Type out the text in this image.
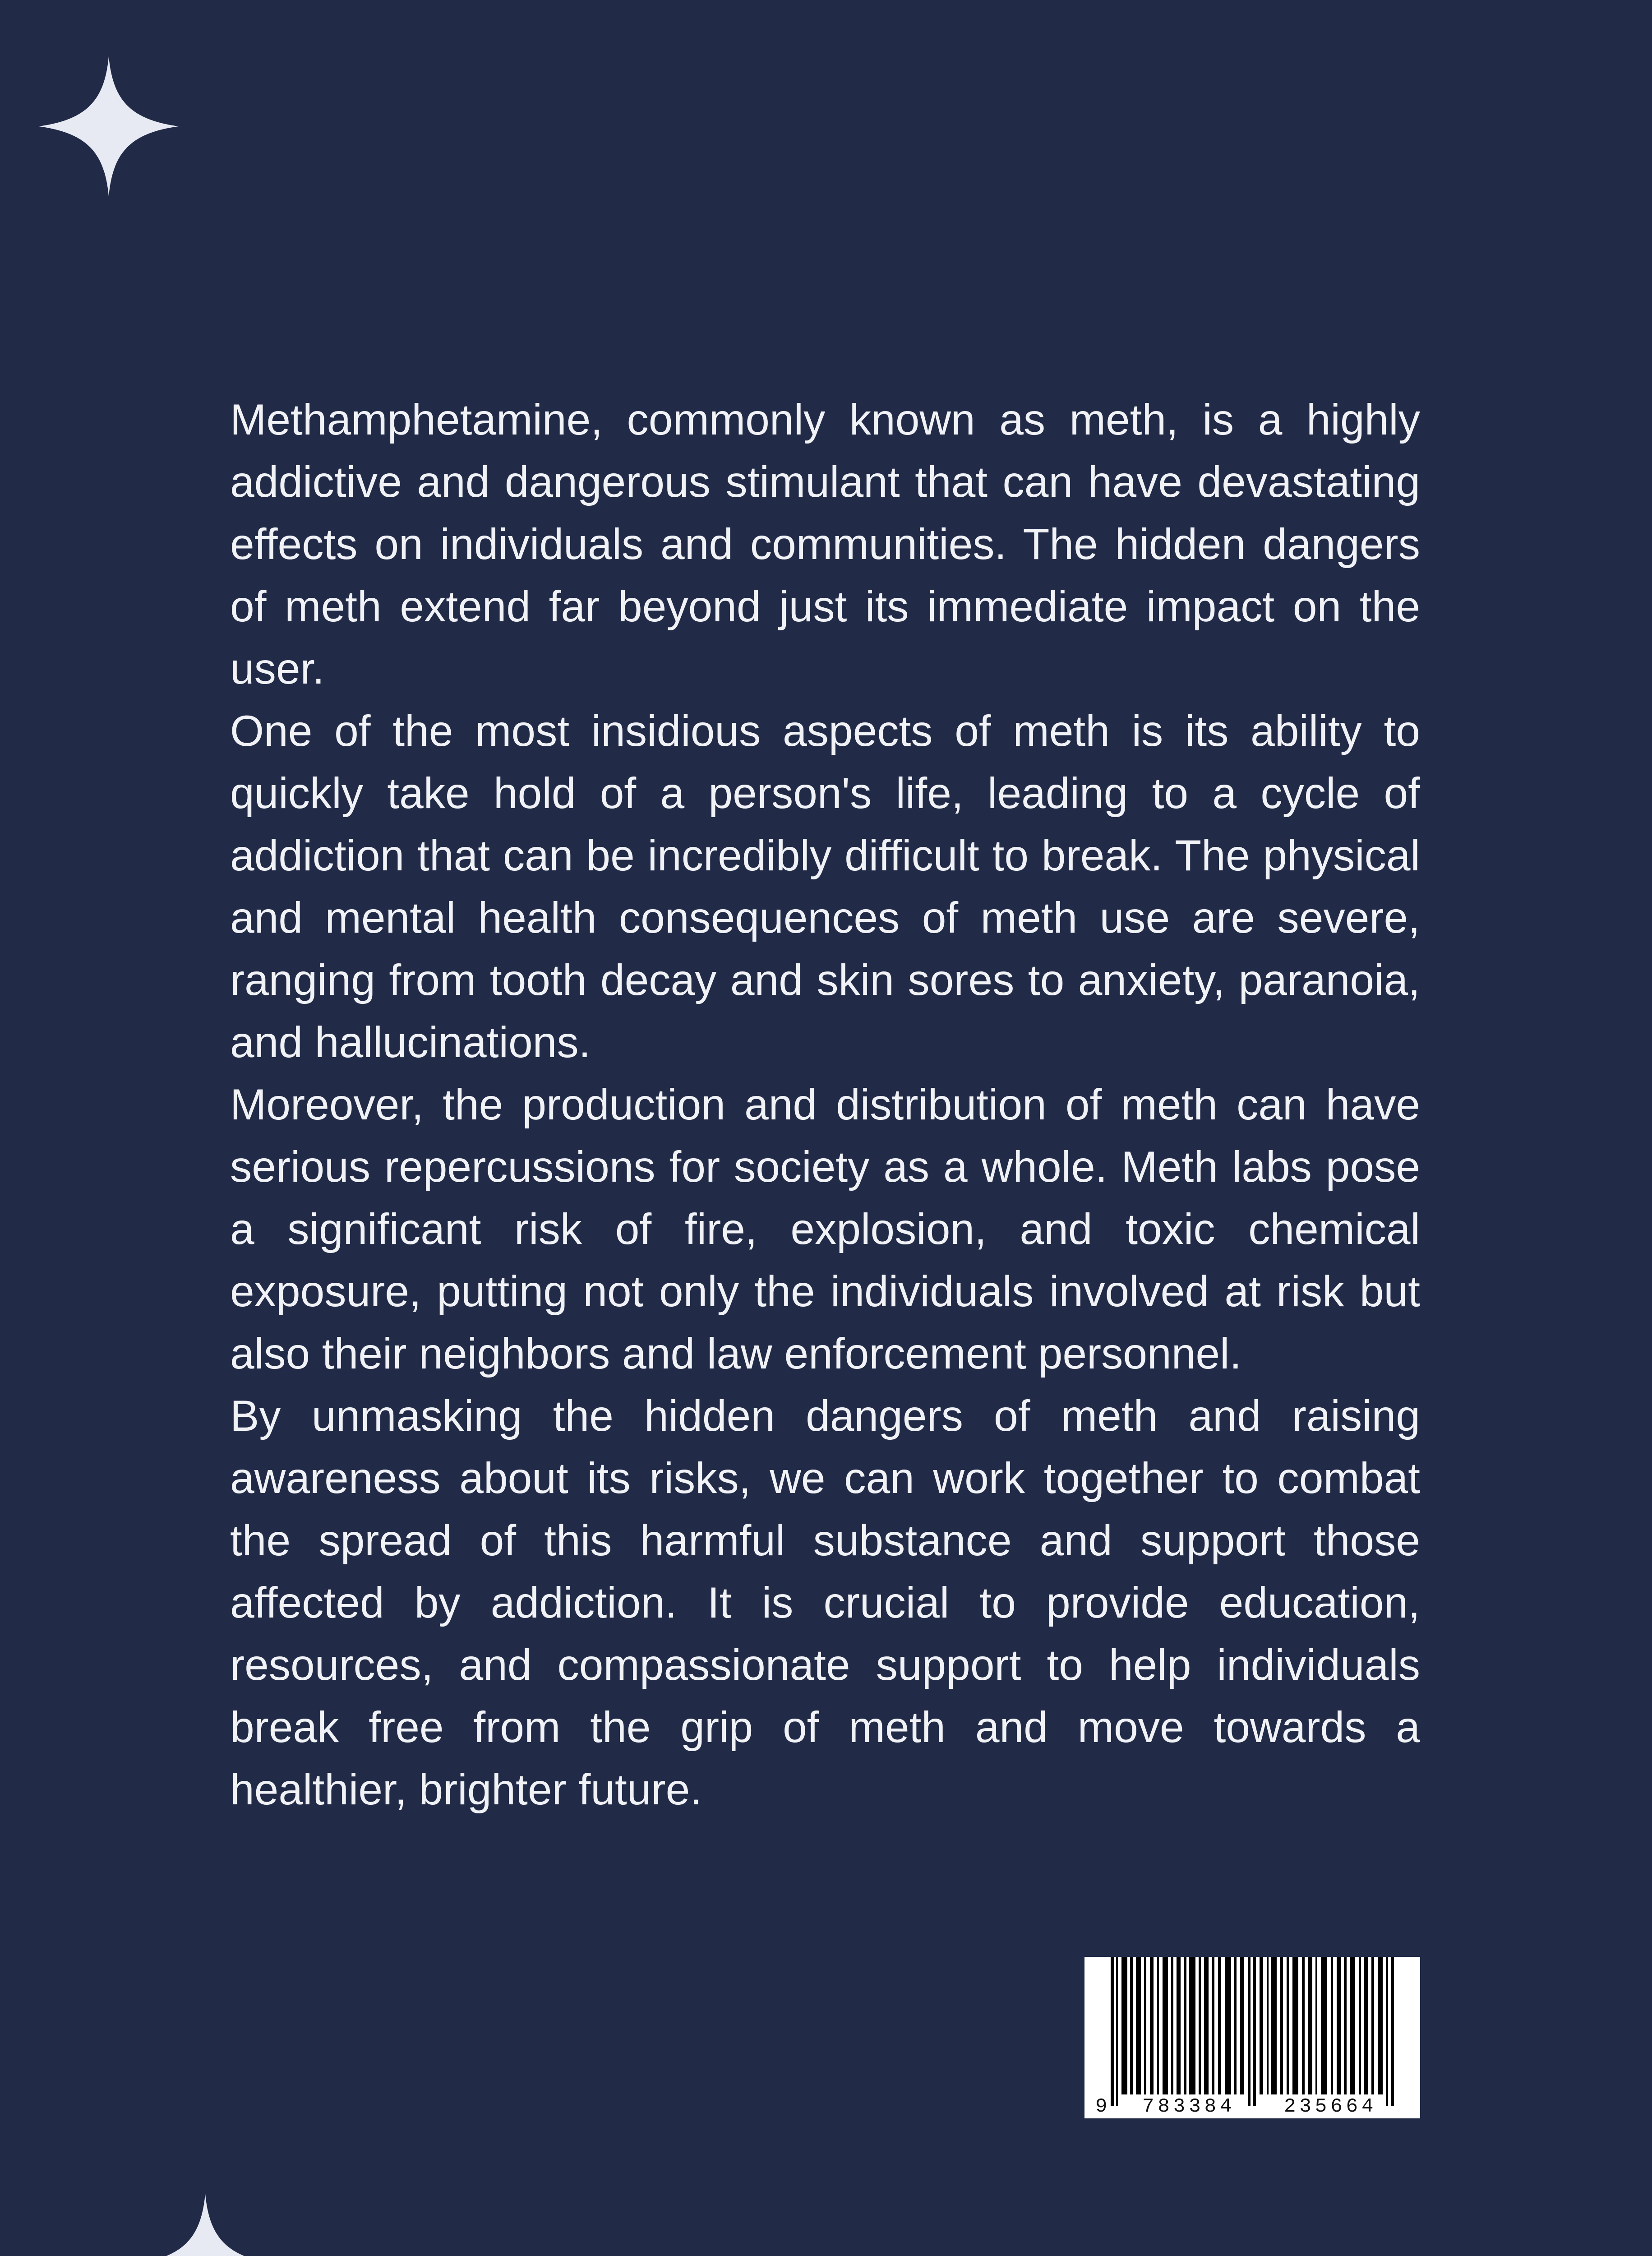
Methamphetamine, commonly known as meth, is a highly addictive and dangerous stimulant that can have devastating effects on individuals and communities. The hidden dangers of meth extend far beyond just its immediate impact on the user.

One of the most insidious aspects of meth is its ability to quickly take hold of a person's life, leading to a cycle of addiction that can be incredibly difficult to break. The physical and mental health consequences of meth use are severe, ranging from tooth decay and skin sores to anxiety, paranoia, and hallucinations.

Moreover, the production and distribution of meth can have serious repercussions for society as a whole. Meth labs pose a significant risk of fire, explosion, and toxic chemical exposure, putting not only the individuals involved at risk but also their neighbors and law enforcement personnel.

By unmasking the hidden dangers of meth and raising awareness about its risks, we can work together to combat the spread of this harmful substance and support those affected by addiction. It is crucial to provide education, resources, and compassionate support to help individuals break free from the grip of meth and move towards a healthier, brighter future.

9 783384 235664
